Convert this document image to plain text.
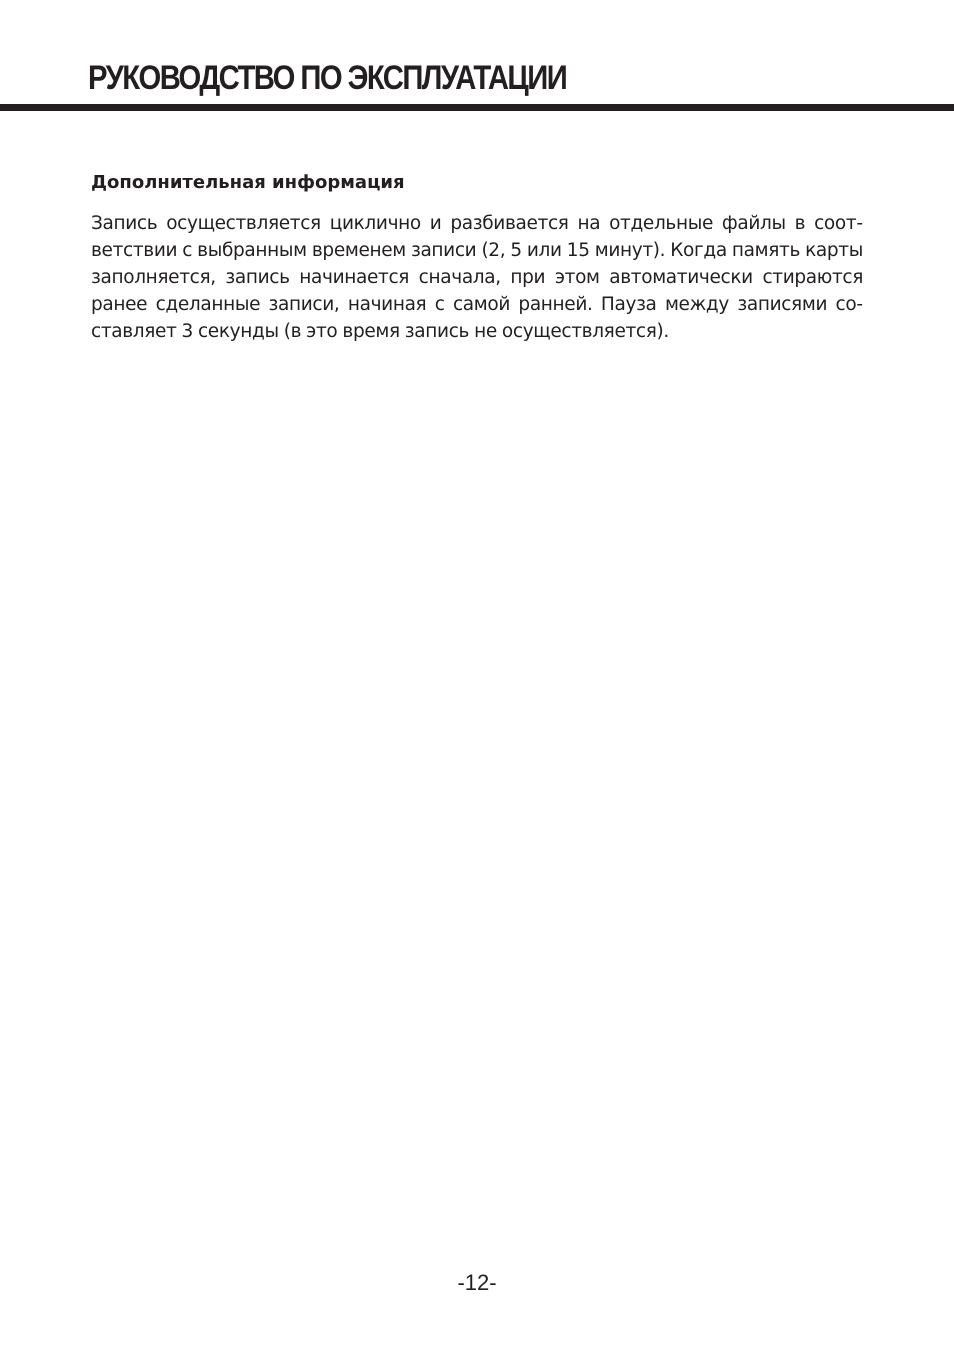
РУКОВОДСТВО ПО ЭКСПЛУАТАЦИИ
Дополнительная информация

Запись осуществляется циклично и разбивается на отдельные файлы в соответствии с выбранным временем записи (2, 5 или 15 минут). Когда память карты заполняется, запись начинается сначала, при этом автоматически стираются ранее сделанные записи, начиная с самой ранней. Пауза между записями составляет 3 секунды (в это время запись не осуществляется).

-12-
